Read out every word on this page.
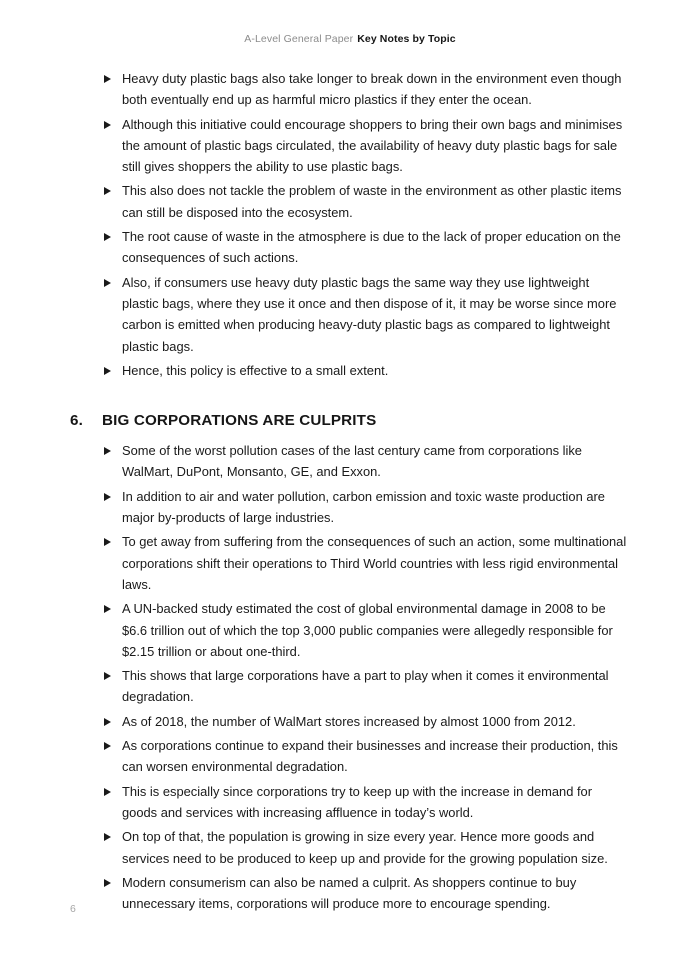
A-Level General Paper Key Notes by Topic
Heavy duty plastic bags also take longer to break down in the environment even though both eventually end up as harmful micro plastics if they enter the ocean.
Although this initiative could encourage shoppers to bring their own bags and minimises the amount of plastic bags circulated, the availability of heavy duty plastic bags for sale still gives shoppers the ability to use plastic bags.
This also does not tackle the problem of waste in the environment as other plastic items can still be disposed into the ecosystem.
The root cause of waste in the atmosphere is due to the lack of proper education on the consequences of such actions.
Also, if consumers use heavy duty plastic bags the same way they use lightweight plastic bags, where they use it once and then dispose of it, it may be worse since more carbon is emitted when producing heavy-duty plastic bags as compared to lightweight plastic bags.
Hence, this policy is effective to a small extent.
6.	BIG CORPORATIONS ARE CULPRITS
Some of the worst pollution cases of the last century came from corporations like WalMart, DuPont, Monsanto, GE, and Exxon.
In addition to air and water pollution, carbon emission and toxic waste production are major by-products of large industries.
To get away from suffering from the consequences of such an action, some multinational corporations shift their operations to Third World countries with less rigid environmental laws.
A UN-backed study estimated the cost of global environmental damage in 2008 to be $6.6 trillion out of which the top 3,000 public companies were allegedly responsible for $2.15 trillion or about one-third.
This shows that large corporations have a part to play when it comes it environmental degradation.
As of 2018, the number of WalMart stores increased by almost 1000 from 2012.
As corporations continue to expand their businesses and increase their production, this can worsen environmental degradation.
This is especially since corporations try to keep up with the increase in demand for goods and services with increasing affluence in today’s world.
On top of that, the population is growing in size every year. Hence more goods and services need to be produced to keep up and provide for the growing population size.
Modern consumerism can also be named a culprit. As shoppers continue to buy unnecessary items, corporations will produce more to encourage spending.
6
